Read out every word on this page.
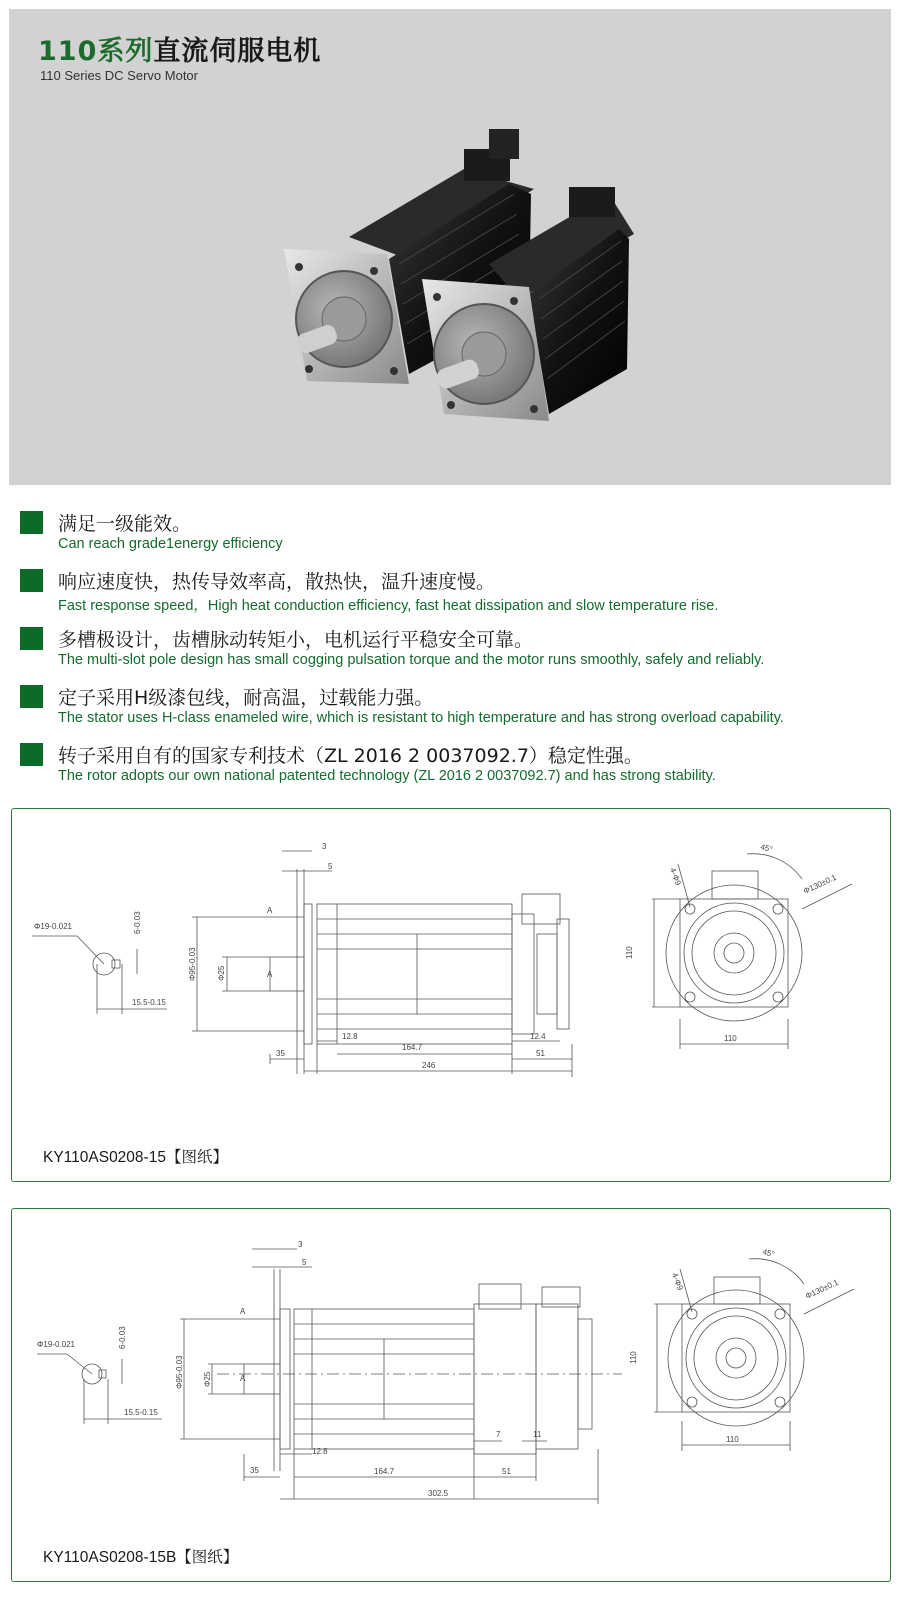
110系列直流伺服电机
110 Series DC Servo Motor
满足一级能效。
Can reach grade1energy efficiency
响应速度快，热传导效率高，散热快，温升速度慢。
Fast response speed，High heat conduction efficiency, fast heat dissipation and slow temperature rise.
多槽极设计，齿槽脉动转矩小，电机运行平稳安全可靠。
The multi-slot pole design has small cogging pulsation torque and the motor runs smoothly, safely and reliably.
定子采用H级漆包线，耐高温，过载能力强。
The stator uses H-class enameled wire, which is resistant to high temperature and has strong overload capability.
转子采用自有的国家专利技术（ZL 2016 2 0037092.7）稳定性强。
The rotor adopts our own national patented technology (ZL 2016 2 0037092.7) and has strong stability.
Φ19-0.021	6-0.03
15.5-0.15
3
5
A
A
Φ95-0.03	Φ25
35
12.8
164.7
12.4
51
246
110
110
4-Φ9	Φ130±0.1
45°
KY110AS0208-15【图纸】
Φ19-0.021	6-0.03
15.5-0.15
3
5
A
A
Φ95-0.03 Φ25
35
12.8
164.7
7	11
51
302.5
110
110
4-Φ9	Φ130±0.1
45°
KY110AS0208-15B【图纸】
